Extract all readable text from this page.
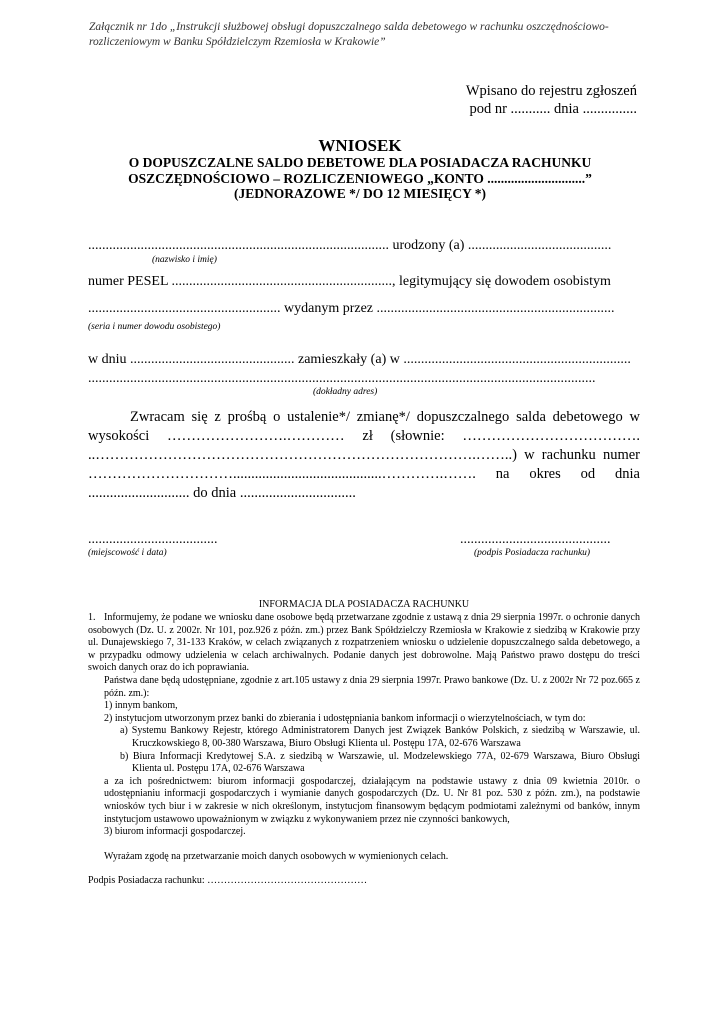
Załącznik nr 1do „Instrukcji służbowej obsługi dopuszczalnego salda debetowego w rachunku oszczędnościowo-
rozliczeniowym w Banku Spółdzielczym Rzemiosła w Krakowie”
Wpisano do rejestru zgłoszeń
pod nr ........... dnia ...............
WNIOSEK
O DOPUSZCZALNE SALDO DEBETOWE DLA POSIADACZA RACHUNKU
OSZCZĘDNOŚCIOWO – ROZLICZENIOWEGO „KONTO .............................”
(JEDNORAZOWE */ DO 12 MIESIĘCY *)
...................................................................................... urodzony (a) .........................................
(nazwisko i imię)
numer PESEL ..............................................................., legitymujący się dowodem osobistym
....................................................... wydanym przez ....................................................................
(seria i numer dowodu osobistego)
w dniu ............................................... zamieszkały (a) w .................................................................
.................................................................................................................................................
(dokładny adres)
Zwracam się z prośbą o ustalenie*/ zmianę*/ dopuszczalnego salda debetowego w wysokości …………………….………… zł (słownie: ………………………………. ..…………………………………………………………………….……..) w rachunku numer ………………………….........................................………….……. na okres od dnia ............................ do dnia ................................
.....................................
(miejscowość i data)
...........................................
(podpis Posiadacza rachunku)
INFORMACJA DLA POSIADACZA RACHUNKU

1. Informujemy, że podane we wniosku dane osobowe będą przetwarzane zgodnie z ustawą z dnia 29 sierpnia 1997r. o ochronie danych osobowych (Dz. U. z 2002r. Nr 101, poz.926 z późn. zm.) przez Bank Spółdzielczy Rzemiosła w Krakowie z siedzibą w Krakowie przy ul. Dunajewskiego 7, 31-133 Kraków, w celach związanych z rozpatrzeniem wniosku o udzielenie dopuszczalnego salda debetowego, a w przypadku odmowy udzielenia w celach archiwalnych. Podanie danych jest dobrowolne. Mają Państwo prawo dostępu do treści swoich danych oraz do ich poprawiania.

Państwa dane będą udostępniane, zgodnie z art.105 ustawy z dnia 29 sierpnia 1997r. Prawo bankowe (Dz. U. z 2002r Nr 72 poz.665 z późn. zm.):

1) innym bankom,

2) instytucjom utworzonym przez banki do zbierania i udostępniania bankom informacji o wierzytelnościach, w tym do:

a) Systemu Bankowy Rejestr, którego Administratorem Danych jest Związek Banków Polskich, z siedzibą w Warszawie, ul. Kruczkowskiego 8, 00-380 Warszawa, Biuro Obsługi Klienta ul. Postępu 17A, 02-676 Warszawa

b) Biura Informacji Kredytowej S.A. z siedzibą w Warszawie, ul. Modzelewskiego 77A, 02-679 Warszawa, Biuro Obsługi Klienta ul. Postępu 17A, 02-676 Warszawa

a za ich pośrednictwem: biurom informacji gospodarczej, działającym na podstawie ustawy z dnia 09 kwietnia 2010r. o udostępnianiu informacji gospodarczych i wymianie danych gospodarczych (Dz. U. Nr 81 poz. 530 z późn. zm.), na podstawie wniosków tych biur i w zakresie w nich określonym, instytucjom finansowym będącym podmiotami zależnymi od banków, innym instytucjom ustawowo upoważnionym w związku z wykonywaniem przez nie czynności bankowych,

3) biurom informacji gospodarczej.

Wyrażam zgodę na przetwarzanie moich danych osobowych w wymienionych celach.

Podpis Posiadacza rachunku: …………………………………………
